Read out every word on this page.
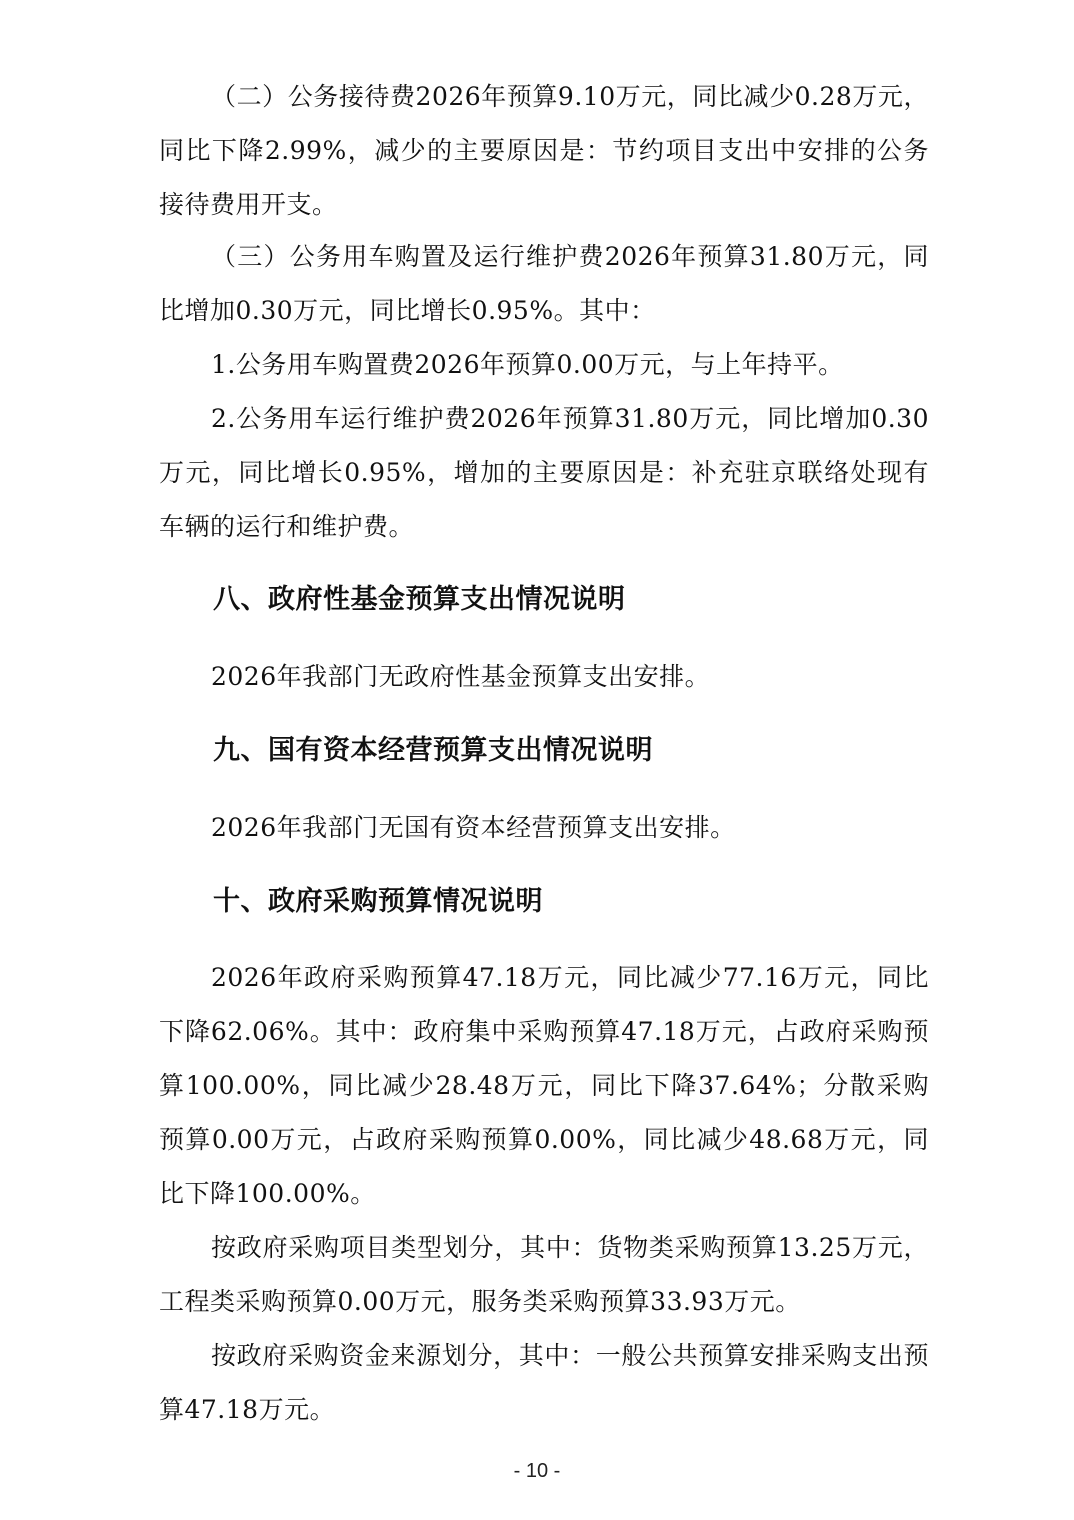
（二）公务接待费2026年预算9.10万元，同比减少0.28万元，同比下降2.99%，减少的主要原因是：节约项目支出中安排的公务接待费用开支。

（三）公务用车购置及运行维护费2026年预算31.80万元，同比增加0.30万元，同比增长0.95%。其中：

1.公务用车购置费2026年预算0.00万元，与上年持平。

2.公务用车运行维护费2026年预算31.80万元，同比增加0.30万元，同比增长0.95%，增加的主要原因是：补充驻京联络处现有车辆的运行和维护费。

八、政府性基金预算支出情况说明

2026年我部门无政府性基金预算支出安排。

九、国有资本经营预算支出情况说明

2026年我部门无国有资本经营预算支出安排。

十、政府采购预算情况说明

2026年政府采购预算47.18万元，同比减少77.16万元，同比下降62.06%。其中：政府集中采购预算47.18万元，占政府采购预算100.00%，同比减少28.48万元，同比下降37.64%；分散采购预算0.00万元，占政府采购预算0.00%，同比减少48.68万元，同比下降100.00%。

按政府采购项目类型划分，其中：货物类采购预算13.25万元，工程类采购预算0.00万元，服务类采购预算33.93万元。

按政府采购资金来源划分，其中：一般公共预算安排采购支出预算47.18万元。

- 10 -
